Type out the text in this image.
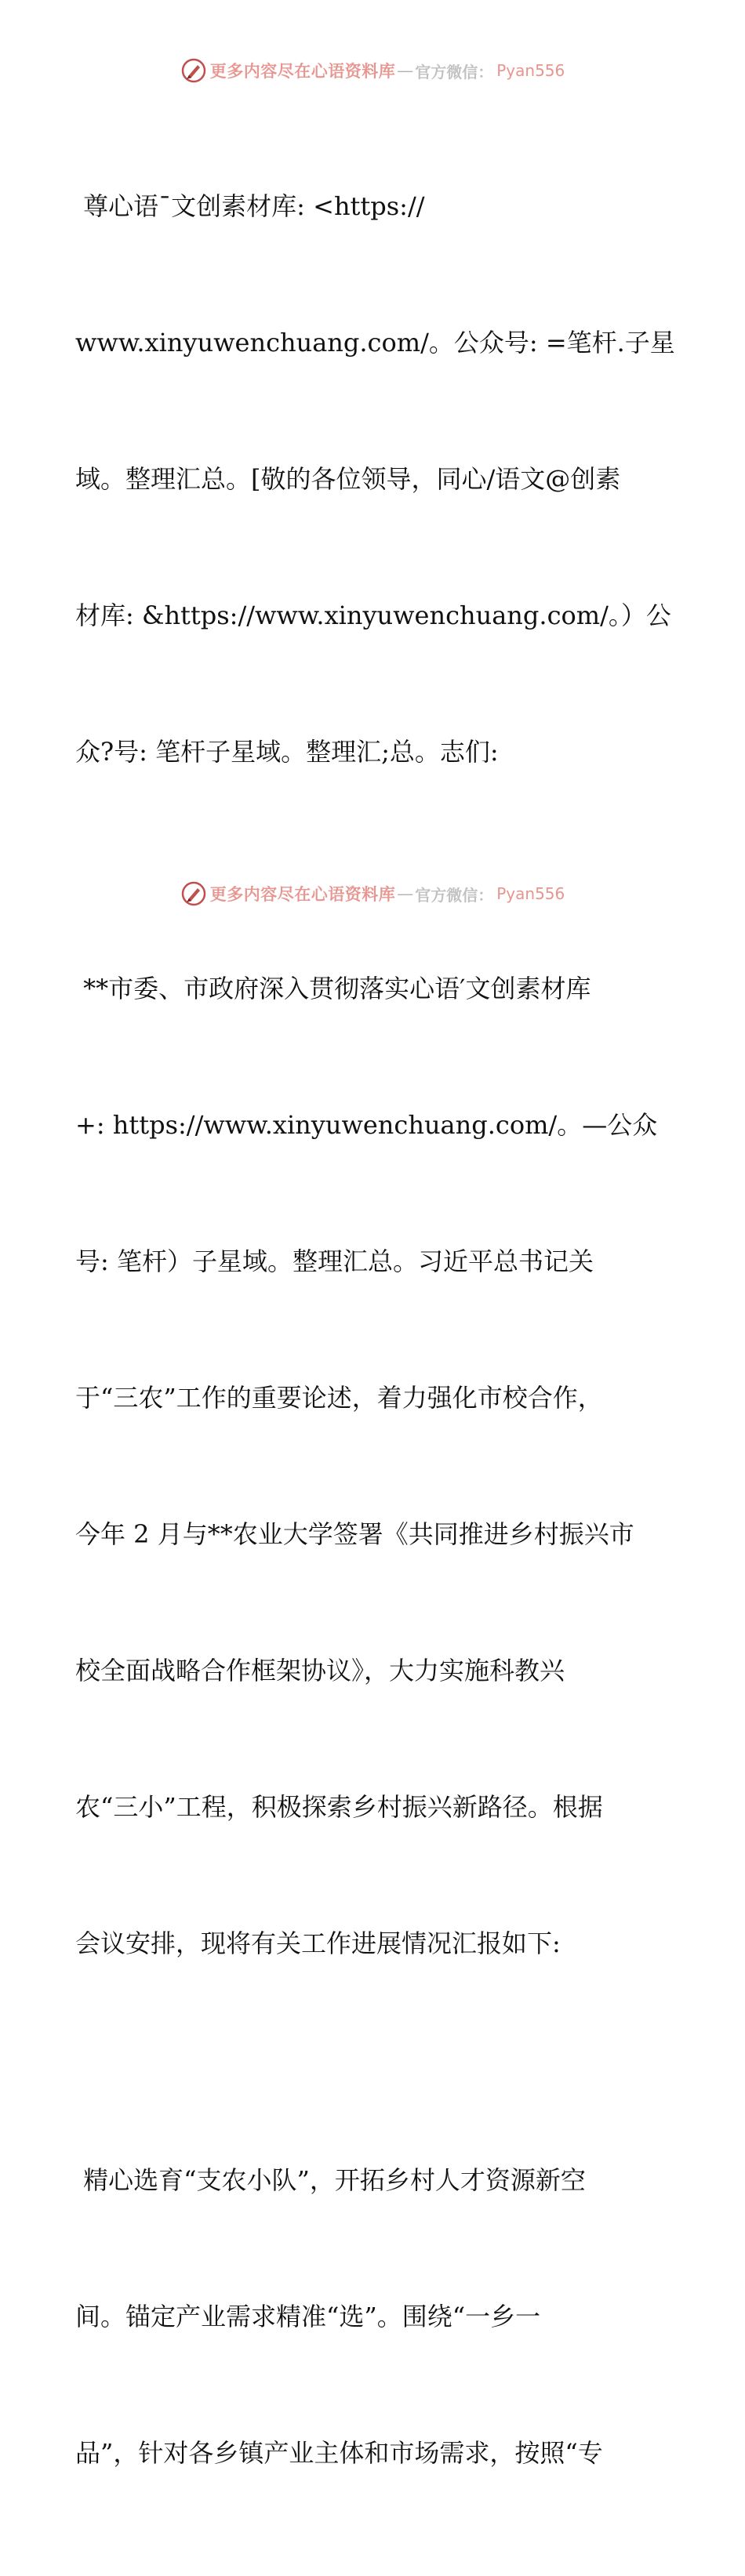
更多内容尽在心语资料库 — 官方微信： Pyan556

尊心语¯文创素材库: <https://

www.xinyuwenchuang.com/。公众号: =笔杆.子星

域。整理汇总。[敬的各位领导，同心/语文@创素

材库: &https://www.xinyuwenchuang.com/。）公

众?号: 笔杆子星域。整理汇;总。志们:

**市委、市政府深入贯彻落实心语′文创素材库

+: https://www.xinyuwenchuang.com/。—公众

号: 笔杆）子星域。整理汇总。习近平总书记关

于“三农”工作的重要论述，着力强化市校合作，

今年 2 月与**农业大学签署《共同推进乡村振兴市

校全面战略合作框架协议》，大力实施科教兴

农“三小”工程，积极探索乡村振兴新路径。根据

会议安排，现将有关工作进展情况汇报如下:

精心选育“支农小队”，开拓乡村人才资源新空

间。锚定产业需求精准“选”。围绕“一乡一

品”，针对各乡镇产业主体和市场需求，按照“专

更多内容尽在心语资料库 — 官方微信： Pyan556
